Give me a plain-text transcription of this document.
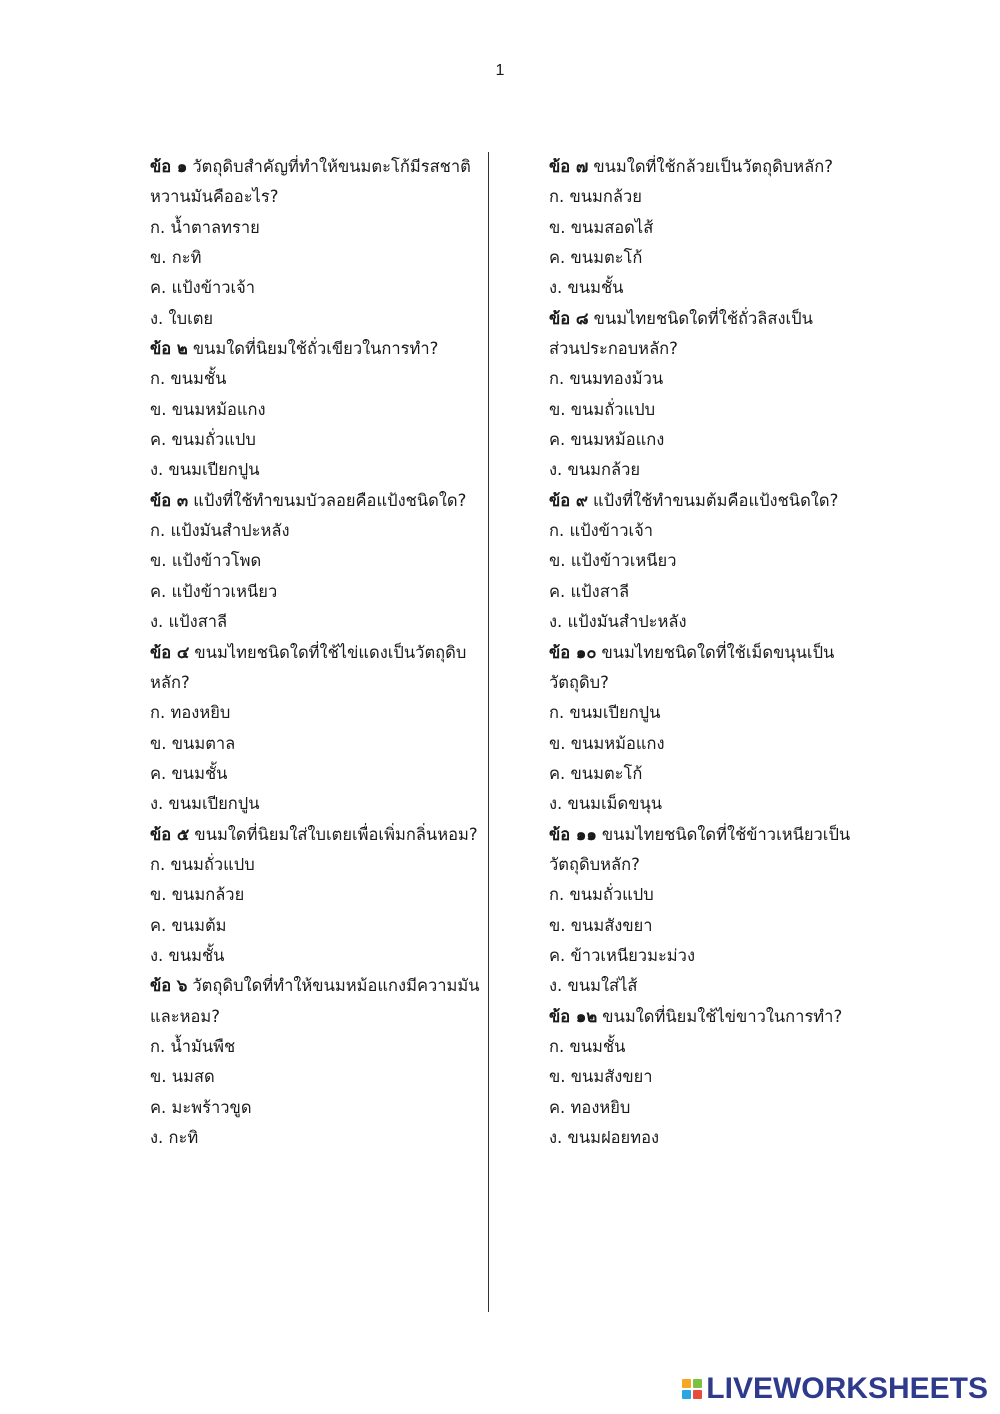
1
ข้อ ๑ วัตถุดิบสำคัญที่ทำให้ขนมตะโก้มีรสชาติ
หวานมันคืออะไร?
ก. น้ำตาลทราย
ข. กะทิ
ค. แป้งข้าวเจ้า
ง. ใบเตย
ข้อ ๒ ขนมใดที่นิยมใช้ถั่วเขียวในการทำ?
ก. ขนมชั้น
ข. ขนมหม้อแกง
ค. ขนมถั่วแปบ
ง. ขนมเปียกปูน
ข้อ ๓ แป้งที่ใช้ทำขนมบัวลอยคือแป้งชนิดใด?
ก. แป้งมันสำปะหลัง
ข. แป้งข้าวโพด
ค. แป้งข้าวเหนียว
ง. แป้งสาลี
ข้อ ๔ ขนมไทยชนิดใดที่ใช้ไข่แดงเป็นวัตถุดิบ
หลัก?
ก. ทองหยิบ
ข. ขนมตาล
ค. ขนมชั้น
ง. ขนมเปียกปูน
ข้อ ๕ ขนมใดที่นิยมใส่ใบเตยเพื่อเพิ่มกลิ่นหอม?
ก. ขนมถั่วแปบ
ข. ขนมกล้วย
ค. ขนมต้ม
ง. ขนมชั้น
ข้อ ๖ วัตถุดิบใดที่ทำให้ขนมหม้อแกงมีความมัน
และหอม?
ก. น้ำมันพืช
ข. นมสด
ค. มะพร้าวขูด
ง. กะทิ
ข้อ ๗ ขนมใดที่ใช้กล้วยเป็นวัตถุดิบหลัก?
ก. ขนมกล้วย
ข. ขนมสอดไส้
ค. ขนมตะโก้
ง. ขนมชั้น
ข้อ ๘ ขนมไทยชนิดใดที่ใช้ถั่วลิสงเป็น
ส่วนประกอบหลัก?
ก. ขนมทองม้วน
ข. ขนมถั่วแปบ
ค. ขนมหม้อแกง
ง. ขนมกล้วย
ข้อ ๙ แป้งที่ใช้ทำขนมต้มคือแป้งชนิดใด?
ก. แป้งข้าวเจ้า
ข. แป้งข้าวเหนียว
ค. แป้งสาลี
ง. แป้งมันสำปะหลัง
ข้อ ๑๐ ขนมไทยชนิดใดที่ใช้เม็ดขนุนเป็น
วัตถุดิบ?
ก. ขนมเปียกปูน
ข. ขนมหม้อแกง
ค. ขนมตะโก้
ง. ขนมเม็ดขนุน
ข้อ ๑๑ ขนมไทยชนิดใดที่ใช้ข้าวเหนียวเป็น
วัตถุดิบหลัก?
ก. ขนมถั่วแปบ
ข. ขนมสังขยา
ค. ข้าวเหนียวมะม่วง
ง. ขนมใส่ไส้
ข้อ ๑๒ ขนมใดที่นิยมใช้ไข่ขาวในการทำ?
ก. ขนมชั้น
ข. ขนมสังขยา
ค. ทองหยิบ
ง. ขนมฝอยทอง
LIVEWORKSHEETS
